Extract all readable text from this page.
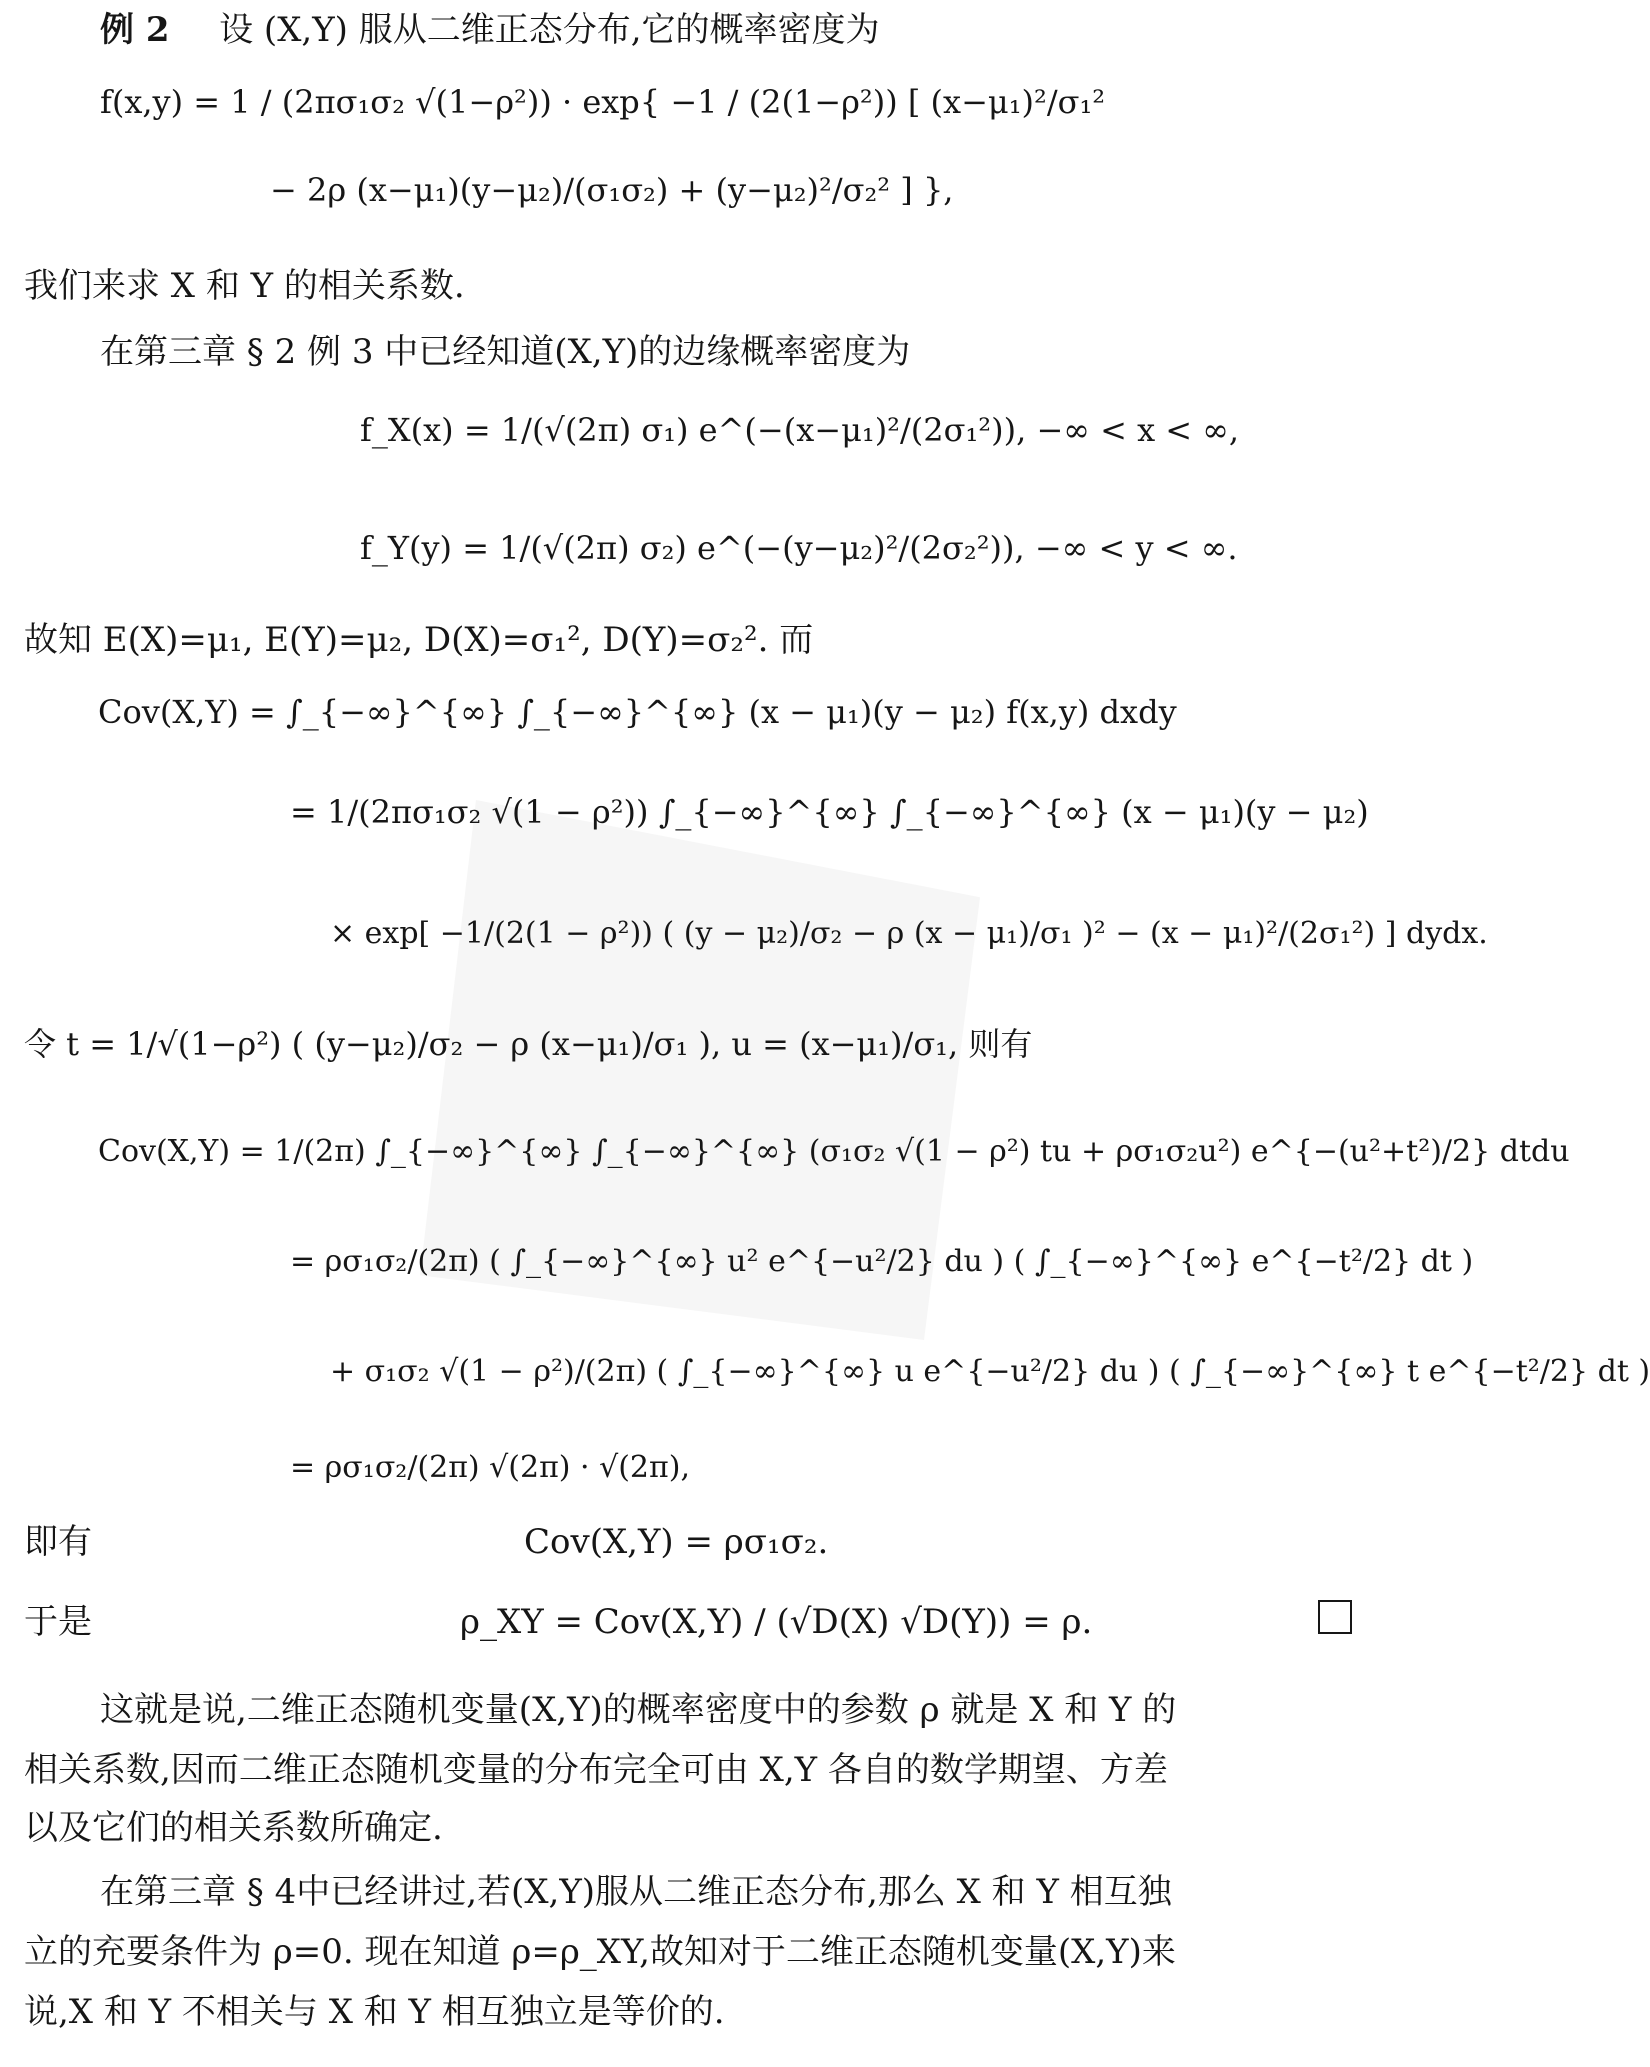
例 2 设 (X,Y) 服从二维正态分布,它的概率密度为
f(x,y) = 1 / (2πσ₁σ₂ √(1−ρ²)) · exp{ −1 / (2(1−ρ²)) [ (x−μ₁)²/σ₁²
− 2ρ (x−μ₁)(y−μ₂)/(σ₁σ₂) + (y−μ₂)²/σ₂² ] },
我们来求 X 和 Y 的相关系数.
在第三章 § 2 例 3 中已经知道(X,Y)的边缘概率密度为
f_X(x) = 1/(√(2π) σ₁) e^(−(x−μ₁)²/(2σ₁²)), −∞ < x < ∞,
f_Y(y) = 1/(√(2π) σ₂) e^(−(y−μ₂)²/(2σ₂²)), −∞ < y < ∞.
故知 E(X)=μ₁, E(Y)=μ₂, D(X)=σ₁², D(Y)=σ₂². 而
Cov(X,Y) = ∫_{−∞}^{∞} ∫_{−∞}^{∞} (x − μ₁)(y − μ₂) f(x,y) dxdy
= 1/(2πσ₁σ₂ √(1 − ρ²)) ∫_{−∞}^{∞} ∫_{−∞}^{∞} (x − μ₁)(y − μ₂)
× exp[ −1/(2(1 − ρ²)) ( (y − μ₂)/σ₂ − ρ (x − μ₁)/σ₁ )² − (x − μ₁)²/(2σ₁²) ] dydx.
令 t = 1/√(1−ρ²) ( (y−μ₂)/σ₂ − ρ (x−μ₁)/σ₁ ), u = (x−μ₁)/σ₁, 则有
Cov(X,Y) = 1/(2π) ∫_{−∞}^{∞} ∫_{−∞}^{∞} (σ₁σ₂ √(1 − ρ²) tu + ρσ₁σ₂u²) e^{−(u²+t²)/2} dtdu
= ρσ₁σ₂/(2π) ( ∫_{−∞}^{∞} u² e^{−u²/2} du ) ( ∫_{−∞}^{∞} e^{−t²/2} dt )
+ σ₁σ₂ √(1 − ρ²)/(2π) ( ∫_{−∞}^{∞} u e^{−u²/2} du ) ( ∫_{−∞}^{∞} t e^{−t²/2} dt )
= ρσ₁σ₂/(2π) √(2π) · √(2π),
即有	Cov(X,Y) = ρσ₁σ₂.
于是	ρ_XY = Cov(X,Y) / (√D(X) √D(Y)) = ρ.
这就是说,二维正态随机变量(X,Y)的概率密度中的参数 ρ 就是 X 和 Y 的
相关系数,因而二维正态随机变量的分布完全可由 X,Y 各自的数学期望、方差
以及它们的相关系数所确定.
在第三章 § 4中已经讲过,若(X,Y)服从二维正态分布,那么 X 和 Y 相互独
立的充要条件为 ρ=0. 现在知道 ρ=ρ_XY,故知对于二维正态随机变量(X,Y)来
说,X 和 Y 不相关与 X 和 Y 相互独立是等价的.
